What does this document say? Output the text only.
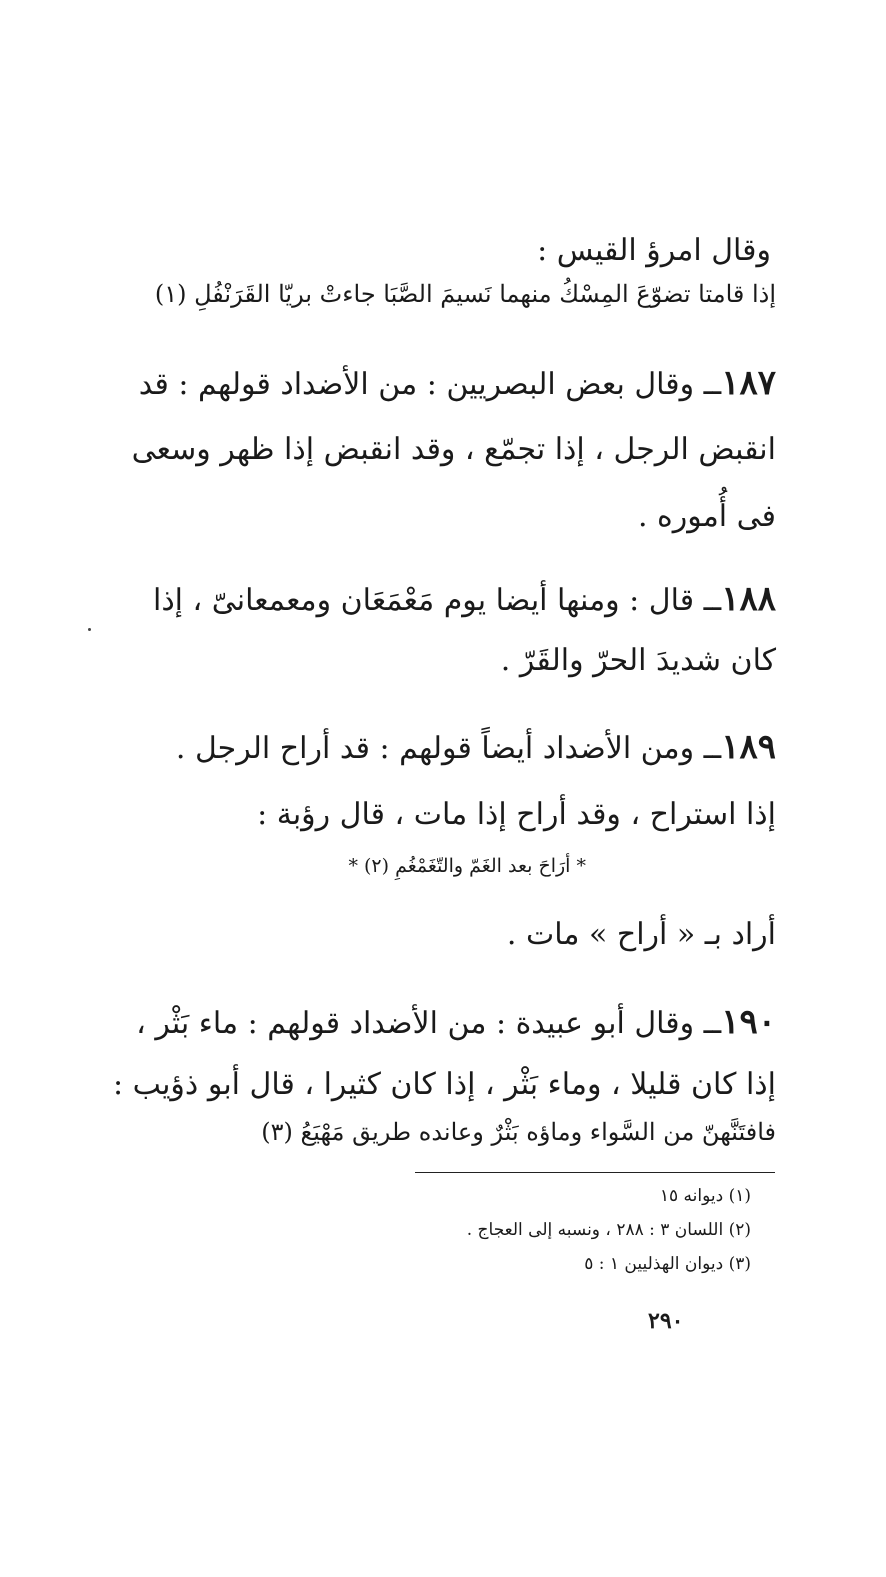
وقال امرؤ القيس :
إذا قامتا تضوّعَ المِسْكُ منهما نَسيمَ الصَّبَا جاءتْ بريّا القَرَنْفُلِ (١)
١٨٧ــ وقال بعض البصريين : من الأضداد قولهم : قد
انقبض الرجل ، إذا تجمّع ، وقد انقبض إذا ظهر وسعى
فى أُموره .
١٨٨ــ قال : ومنها أيضا يوم مَعْمَعَان ومعمعانىّ ، إذا
كان شديدَ الحرّ والقَرّ .
١٨٩ــ ومن الأضداد أيضاً قولهم : قد أراح الرجل .
إذا استراح ، وقد أراح إذا مات ، قال رؤبة :
* أرَاحَ بعد الغَمّ والتّغَمْغُمِ (٢) *
أراد بـ « أراح » مات .
١٩٠ــ وقال أبو عبيدة : من الأضداد قولهم : ماء بَثْر ،
إذا كان قليلا ، وماء بَثْر ، إذا كان كثيرا ، قال أبو ذؤيب :
فافتَنَّهنّ من السَّواء وماؤه بَثْرٌ وعانده طريق مَهْيَعُ (٣)
(١) ديوانه ١٥
(٢) اللسان ٣ : ٢٨٨ ، ونسبه إلى العجاج .
(٣) ديوان الهذليين ١ : ٥
٢٩٠
